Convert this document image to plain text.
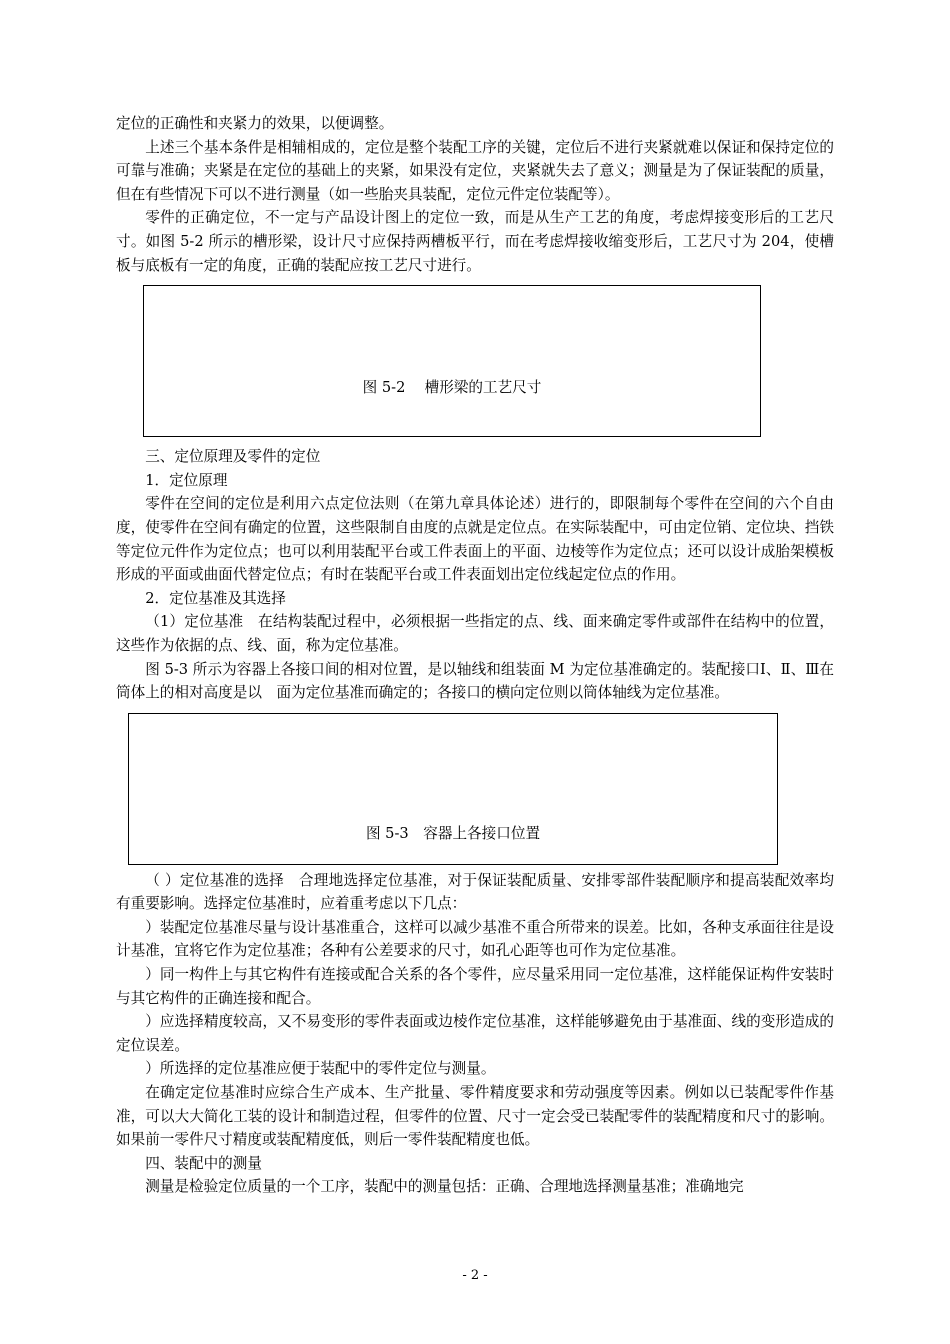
定位的正确性和夹紧力的效果，以便调整。

上述三个基本条件是相辅相成的，定位是整个装配工序的关键，定位后不进行夹紧就难以保证和保持定位的可靠与准确；夹紧是在定位的基础上的夹紧，如果没有定位，夹紧就失去了意义；测量是为了保证装配的质量，但在有些情况下可以不进行测量（如一些胎夹具装配，定位元件定位装配等）。

零件的正确定位，不一定与产品设计图上的定位一致，而是从生产工艺的角度，考虑焊接变形后的工艺尺寸。如图 5-2 所示的槽形梁，设计尺寸应保持两槽板平行，而在考虑焊接收缩变形后，工艺尺寸为 204，使槽板与底板有一定的角度，正确的装配应按工艺尺寸进行。

图 5-2　 槽形梁的工艺尺寸

三、定位原理及零件的定位

1．定位原理

零件在空间的定位是利用六点定位法则（在第九章具体论述）进行的，即限制每个零件在空间的六个自由度，使零件在空间有确定的位置，这些限制自由度的点就是定位点。在实际装配中，可由定位销、定位块、挡铁等定位元件作为定位点；也可以利用装配平台或工件表面上的平面、边棱等作为定位点；还可以设计成胎架模板形成的平面或曲面代替定位点；有时在装配平台或工件表面划出定位线起定位点的作用。

2．定位基准及其选择

（1）定位基准　在结构装配过程中，必须根据一些指定的点、线、面来确定零件或部件在结构中的位置，这些作为依据的点、线、面，称为定位基准。

图 5-3 所示为容器上各接口间的相对位置，是以轴线和组装面 M 为定位基准确定的。装配接口Ⅰ、Ⅱ、Ⅲ在筒体上的相对高度是以　面为定位基准而确定的；各接口的横向定位则以筒体轴线为定位基准。

图 5-3　容器上各接口位置

（ ）定位基准的选择　合理地选择定位基准，对于保证装配质量、安排零部件装配顺序和提高装配效率均有重要影响。选择定位基准时，应着重考虑以下几点：

）装配定位基准尽量与设计基准重合，这样可以减少基准不重合所带来的误差。比如，各种支承面往往是设计基准，宜将它作为定位基准；各种有公差要求的尺寸，如孔心距等也可作为定位基准。

）同一构件上与其它构件有连接或配合关系的各个零件，应尽量采用同一定位基准，这样能保证构件安装时与其它构件的正确连接和配合。

）应选择精度较高，又不易变形的零件表面或边棱作定位基准，这样能够避免由于基准面、线的变形造成的定位误差。

）所选择的定位基准应便于装配中的零件定位与测量。

在确定定位基准时应综合生产成本、生产批量、零件精度要求和劳动强度等因素。例如以已装配零件作基准，可以大大简化工装的设计和制造过程，但零件的位置、尺寸一定会受已装配零件的装配精度和尺寸的影响。如果前一零件尺寸精度或装配精度低，则后一零件装配精度也低。

四、装配中的测量

测量是检验定位质量的一个工序，装配中的测量包括：正确、合理地选择测量基准；准确地完

- 2 -
